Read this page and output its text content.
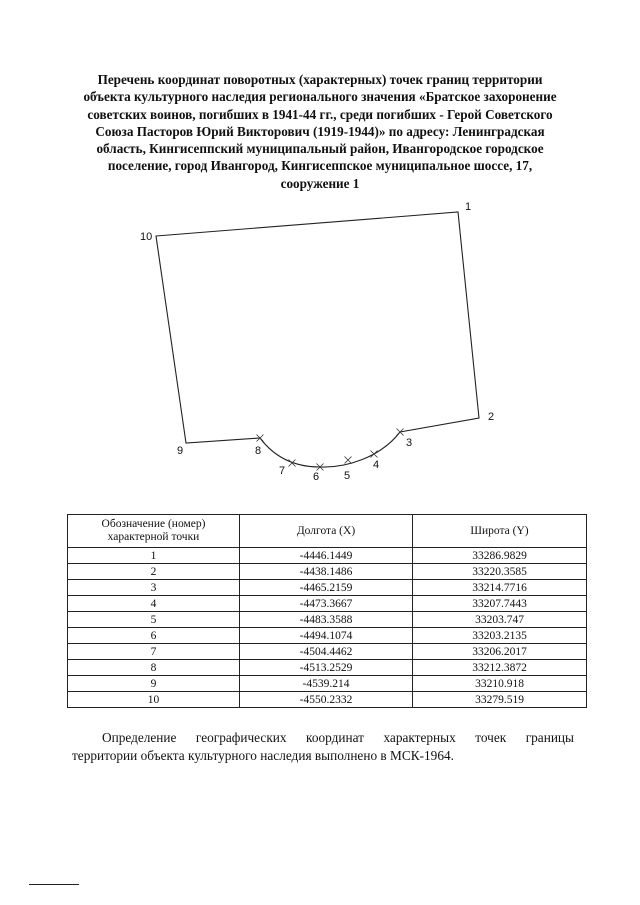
Перечень координат поворотных (характерных) точек границ территории
объекта культурного наследия регионального значения «Братское захоронение
советских воинов, погибших в 1941-44 гг., среди погибших - Герой Советского
Союза Пасторов Юрий Викторович (1919-1944)» по адресу: Ленинградская
область, Кингисеппский муниципальный район, Ивангородское городское
поселение, город Ивангород, Кингисеппское муниципальное шоссе, 17,
сооружение 1
1
2
3
4
5
6
7
8
9
10
Обозначение (номер)
характерной точки	Долгота (X)	Широта (Y)
1	-4446.1449	33286.9829
2	-4438.1486	33220.3585
3	-4465.2159	33214.7716
4	-4473.3667	33207.7443
5	-4483.3588	33203.747
6	-4494.1074	33203.2135
7	-4504.4462	33206.2017
8	-4513.2529	33212.3872
9	-4539.214	33210.918
10	-4550.2332	33279.519
Определение географических координат характерных точек границы
территории объекта культурного наследия выполнено в МСК-1964.
